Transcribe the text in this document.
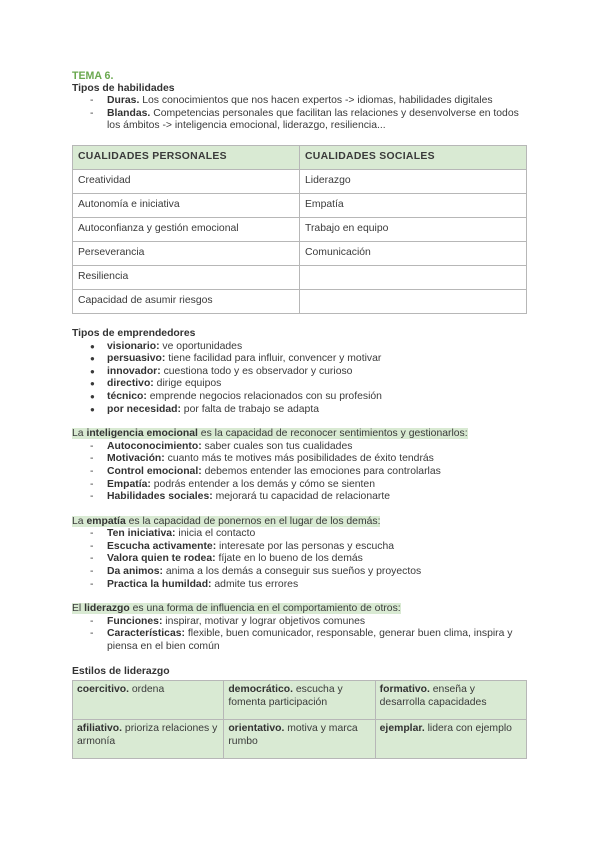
TEMA 6.
Tipos de habilidades
- Duras. Los conocimientos que nos hacen expertos -> idiomas, habilidades digitales
- Blandas. Competencias personales que facilitan las relaciones y desenvolverse en todos los ámbitos -> inteligencia emocional, liderazgo, resiliencia...
CUALIDADES PERSONALES	CUALIDADES SOCIALES
Creatividad	Liderazgo
Autonomía e iniciativa	Empatía
Autoconfianza y gestión emocional	Trabajo en equipo
Perseverancia	Comunicación
Resiliencia	
Capacidad de asumir riesgos	
Tipos de emprendedores
● visionario: ve oportunidades
● persuasivo: tiene facilidad para influir, convencer y motivar
● innovador: cuestiona todo y es observador y curioso
● directivo: dirige equipos
● técnico: emprende negocios relacionados con su profesión
● por necesidad: por falta de trabajo se adapta
La inteligencia emocional es la capacidad de reconocer sentimientos y gestionarlos:
- Autoconocimiento: saber cuales son tus cualidades
- Motivación: cuanto más te motives más posibilidades de éxito tendrás
- Control emocional: debemos entender las emociones para controlarlas
- Empatía: podrás entender a los demás y cómo se sienten
- Habilidades sociales: mejorará tu capacidad de relacionarte
La empatía es la capacidad de ponernos en el lugar de los demás:
- Ten iniciativa: inicia el contacto
- Escucha activamente: interesate por las personas y escucha
- Valora quien te rodea: fíjate en lo bueno de los demás
- Da animos: anima a los demás a conseguir sus sueños y proyectos
- Practica la humildad: admite tus errores
El liderazgo es una forma de influencia en el comportamiento de otros:
- Funciones: inspirar, motivar y lograr objetivos comunes
- Características: flexible, buen comunicador, responsable, generar buen clima, inspira y piensa en el bien común
Estilos de liderazgo
coercitivo. ordena	democrático. escucha y fomenta participación	formativo. enseña y desarrolla capacidades
afiliativo. prioriza relaciones y armonía	orientativo. motiva y marca rumbo	ejemplar. lidera con ejemplo
